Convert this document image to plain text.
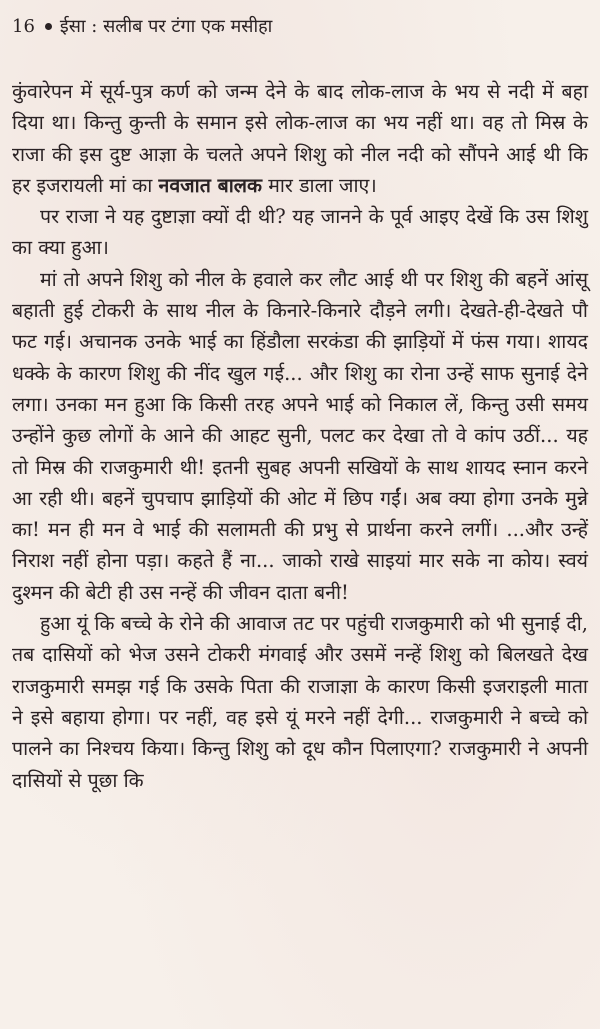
16 ईसा : सलीब पर टंगा एक मसीहा

कुंवारेपन में सूर्य-पुत्र कर्ण को जन्म देने के बाद लोक-लाज के भय से नदी में बहा दिया था। किन्तु कुन्ती के समान इसे लोक-लाज का भय नहीं था। वह तो मिस्र के राजा की इस दुष्ट आज्ञा के चलते अपने शिशु को नील नदी को सौंपने आई थी कि हर इजरायली मां का नवजात बालक मार डाला जाए।

पर राजा ने यह दुष्टाज्ञा क्यों दी थी? यह जानने के पूर्व आइए देखें कि उस शिशु का क्या हुआ।

मां तो अपने शिशु को नील के हवाले कर लौट आई थी पर शिशु की बहनें आंसू बहाती हुई टोकरी के साथ नील के किनारे-किनारे दौड़ने लगी। देखते-ही-देखते पौ फट गई। अचानक उनके भाई का हिंडौला सरकंडा की झाड़ियों में फंस गया। शायद धक्के के कारण शिशु की नींद खुल गई... और शिशु का रोना उन्हें साफ सुनाई देने लगा। उनका मन हुआ कि किसी तरह अपने भाई को निकाल लें, किन्तु उसी समय उन्होंने कुछ लोगों के आने की आहट सुनी, पलट कर देखा तो वे कांप उठीं... यह तो मिस्र की राजकुमारी थी! इतनी सुबह अपनी सखियों के साथ शायद स्नान करने आ रही थी। बहनें चुपचाप झाड़ियों की ओट में छिप गईं। अब क्या होगा उनके मुन्ने का! मन ही मन वे भाई की सलामती की प्रभु से प्रार्थना करने लगीं। ...और उन्हें निराश नहीं होना पड़ा। कहते हैं ना... जाको राखे साइयां मार सके ना कोय। स्वयं दुश्मन की बेटी ही उस नन्हें की जीवन दाता बनी!

हुआ यूं कि बच्चे के रोने की आवाज तट पर पहुंची राजकुमारी को भी सुनाई दी, तब दासियों को भेज उसने टोकरी मंगवाई और उसमें नन्हें शिशु को बिलखते देख राजकुमारी समझ गई कि उसके पिता की राजाज्ञा के कारण किसी इजराइली माता ने इसे बहाया होगा। पर नहीं, वह इसे यूं मरने नहीं देगी... राजकुमारी ने बच्चे को पालने का निश्चय किया। किन्तु शिशु को दूध कौन पिलाएगा? राजकुमारी ने अपनी दासियों से पूछा कि
